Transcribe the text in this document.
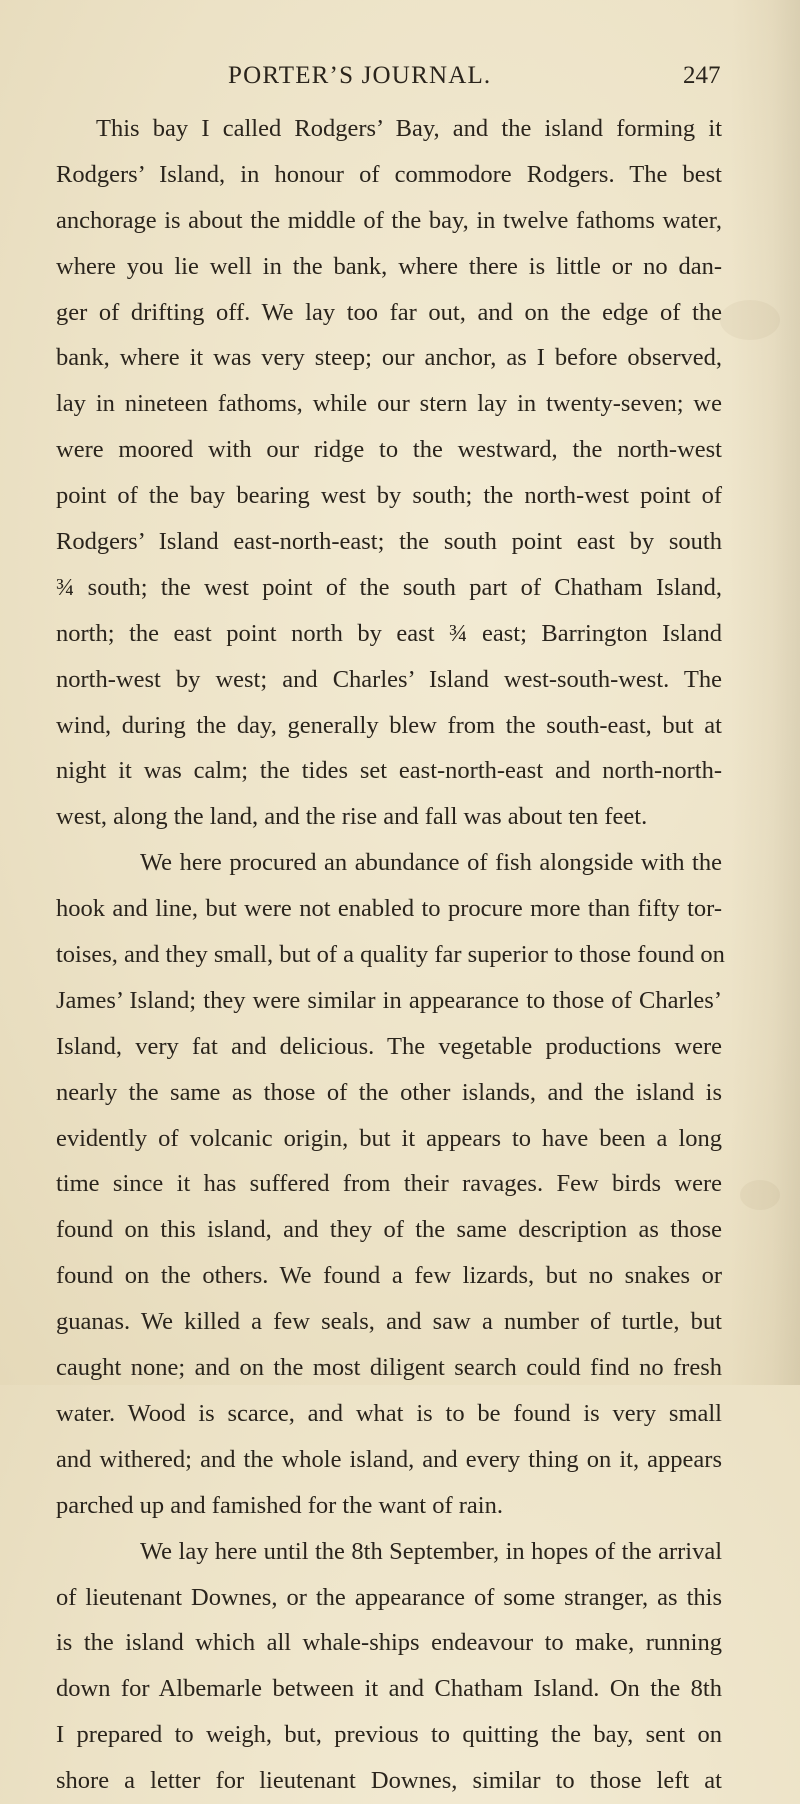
PORTER’S JOURNAL.	247
This bay I called Rodgers’ Bay, and the island forming it
Rodgers’ Island, in honour of commodore Rodgers. The best
anchorage is about the middle of the bay, in twelve fathoms water,
where you lie well in the bank, where there is little or no dan-
ger of drifting off. We lay too far out, and on the edge of the
bank, where it was very steep; our anchor, as I before observed,
lay in nineteen fathoms, while our stern lay in twenty-seven; we
were moored with our ridge to the westward, the north-west
point of the bay bearing west by south; the north-west point of
Rodgers’ Island east-north-east; the south point east by south
¾ south; the west point of the south part of Chatham Island,
north; the east point north by east ¾ east; Barrington Island
north-west by west; and Charles’ Island west-south-west. The
wind, during the day, generally blew from the south-east, but at
night it was calm; the tides set east-north-east and north-north-
west, along the land, and the rise and fall was about ten feet.
We here procured an abundance of fish alongside with the
hook and line, but were not enabled to procure more than fifty tor-
toises, and they small, but of a quality far superior to those found on
James’ Island; they were similar in appearance to those of Charles’
Island, very fat and delicious. The vegetable productions were
nearly the same as those of the other islands, and the island is
evidently of volcanic origin, but it appears to have been a long
time since it has suffered from their ravages. Few birds were
found on this island, and they of the same description as those
found on the others. We found a few lizards, but no snakes or
guanas. We killed a few seals, and saw a number of turtle, but
caught none; and on the most diligent search could find no fresh
water. Wood is scarce, and what is to be found is very small
and withered; and the whole island, and every thing on it, appears
parched up and famished for the want of rain.
We lay here until the 8th September, in hopes of the arrival
of lieutenant Downes, or the appearance of some stranger, as this
is the island which all whale-ships endeavour to make, running
down for Albemarle between it and Chatham Island. On the 8th
I prepared to weigh, but, previous to quitting the bay, sent on
shore a letter for lieutenant Downes, similar to those left at
